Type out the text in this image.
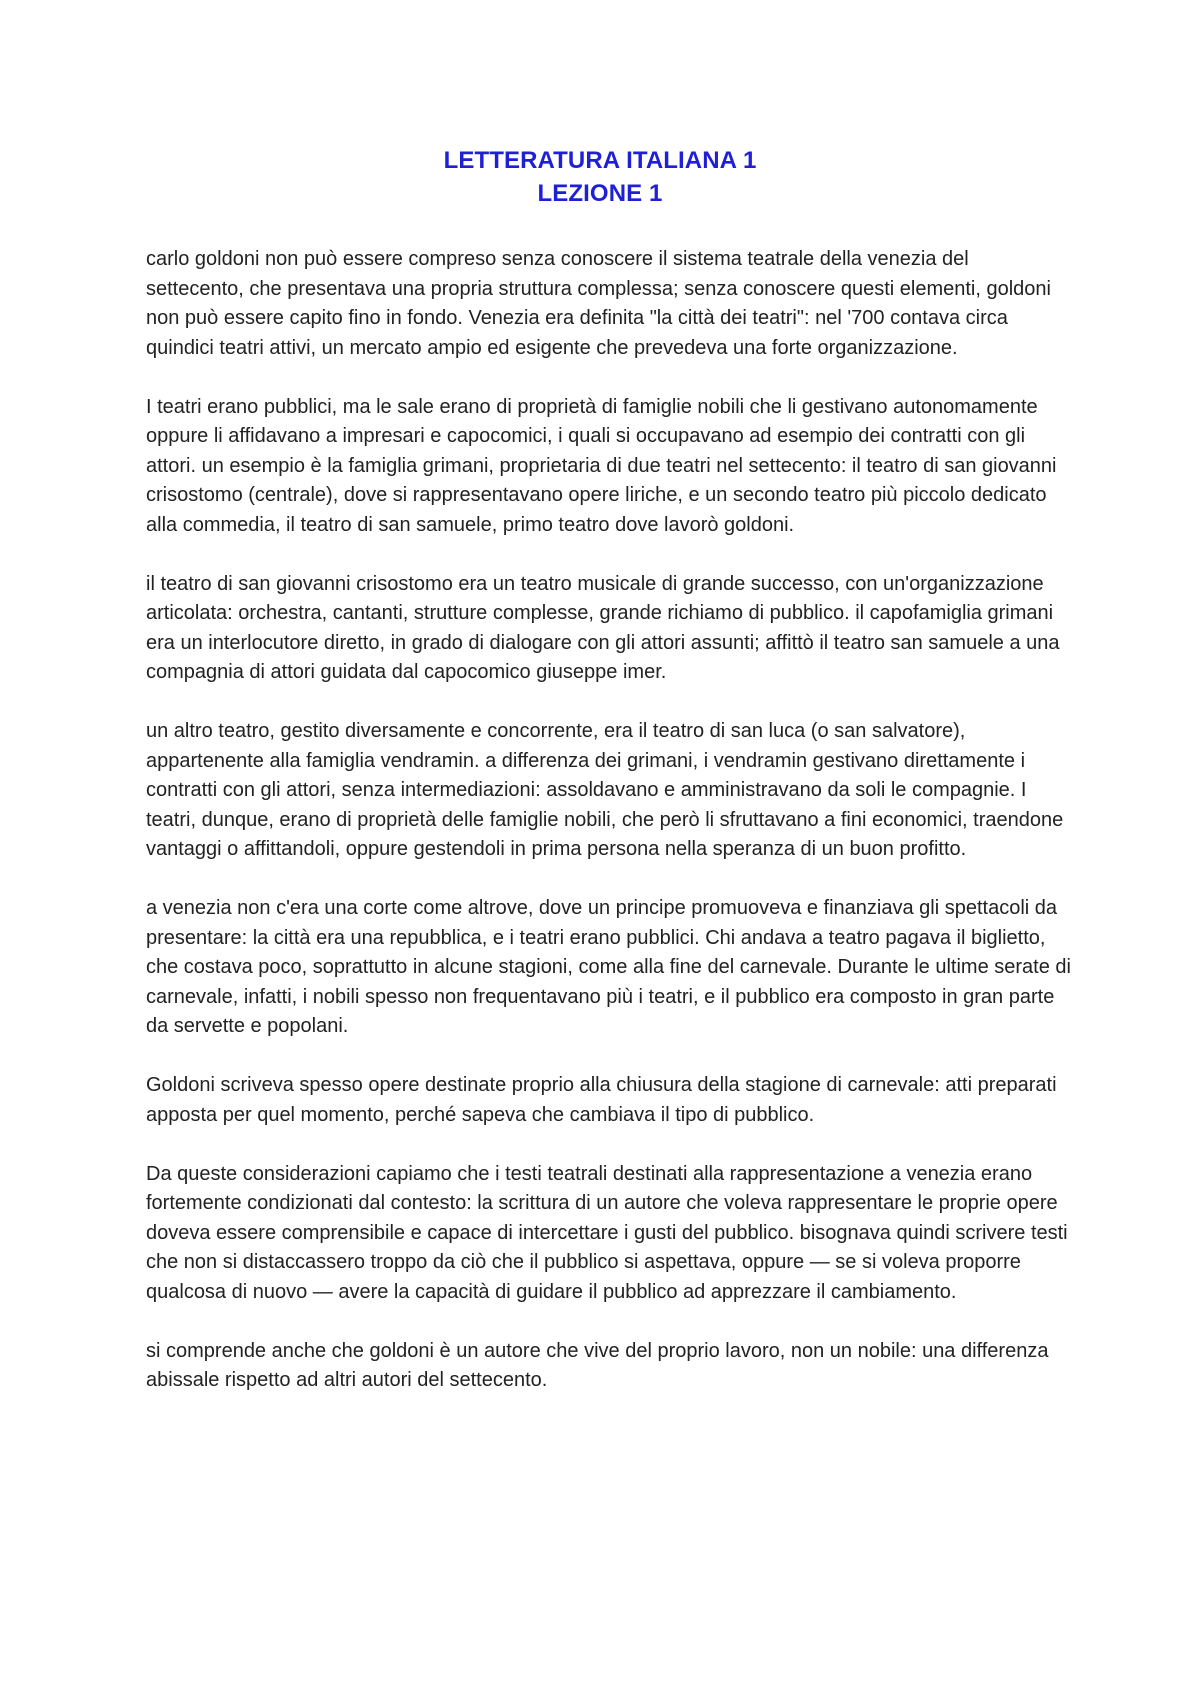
LETTERATURA ITALIANA 1
LEZIONE 1

carlo goldoni non può essere compreso senza conoscere il sistema teatrale della venezia del settecento, che presentava una propria struttura complessa; senza conoscere questi elementi, goldoni non può essere capito fino in fondo. Venezia era definita "la città dei teatri": nel '700 contava circa quindici teatri attivi, un mercato ampio ed esigente che prevedeva una forte organizzazione.

I teatri erano pubblici, ma le sale erano di proprietà di famiglie nobili che li gestivano autonomamente oppure li affidavano a impresari e capocomici, i quali si occupavano ad esempio dei contratti con gli attori. un esempio è la famiglia grimani, proprietaria di due teatri nel settecento: il teatro di san giovanni crisostomo (centrale), dove si rappresentavano opere liriche, e un secondo teatro più piccolo dedicato alla commedia, il teatro di san samuele, primo teatro dove lavorò goldoni.

il teatro di san giovanni crisostomo era un teatro musicale di grande successo, con un'organizzazione articolata: orchestra, cantanti, strutture complesse, grande richiamo di pubblico. il capofamiglia grimani era un interlocutore diretto, in grado di dialogare con gli attori assunti; affittò il teatro san samuele a una compagnia di attori guidata dal capocomico giuseppe imer.

un altro teatro, gestito diversamente e concorrente, era il teatro di san luca (o san salvatore), appartenente alla famiglia vendramin. a differenza dei grimani, i vendramin gestivano direttamente i contratti con gli attori, senza intermediazioni: assoldavano e amministravano da soli le compagnie. I teatri, dunque, erano di proprietà delle famiglie nobili, che però li sfruttavano a fini economici, traendone vantaggi o affittandoli, oppure gestendoli in prima persona nella speranza di un buon profitto.

a venezia non c'era una corte come altrove, dove un principe promuoveva e finanziava gli spettacoli da presentare: la città era una repubblica, e i teatri erano pubblici. Chi andava a teatro pagava il biglietto, che costava poco, soprattutto in alcune stagioni, come alla fine del carnevale. Durante le ultime serate di carnevale, infatti, i nobili spesso non frequentavano più i teatri, e il pubblico era composto in gran parte da servette e popolani.

Goldoni scriveva spesso opere destinate proprio alla chiusura della stagione di carnevale: atti preparati apposta per quel momento, perché sapeva che cambiava il tipo di pubblico.

Da queste considerazioni capiamo che i testi teatrali destinati alla rappresentazione a venezia erano fortemente condizionati dal contesto: la scrittura di un autore che voleva rappresentare le proprie opere doveva essere comprensibile e capace di intercettare i gusti del pubblico. bisognava quindi scrivere testi che non si distaccassero troppo da ciò che il pubblico si aspettava, oppure — se si voleva proporre qualcosa di nuovo — avere la capacità di guidare il pubblico ad apprezzare il cambiamento.

si comprende anche che goldoni è un autore che vive del proprio lavoro, non un nobile: una differenza abissale rispetto ad altri autori del settecento.
